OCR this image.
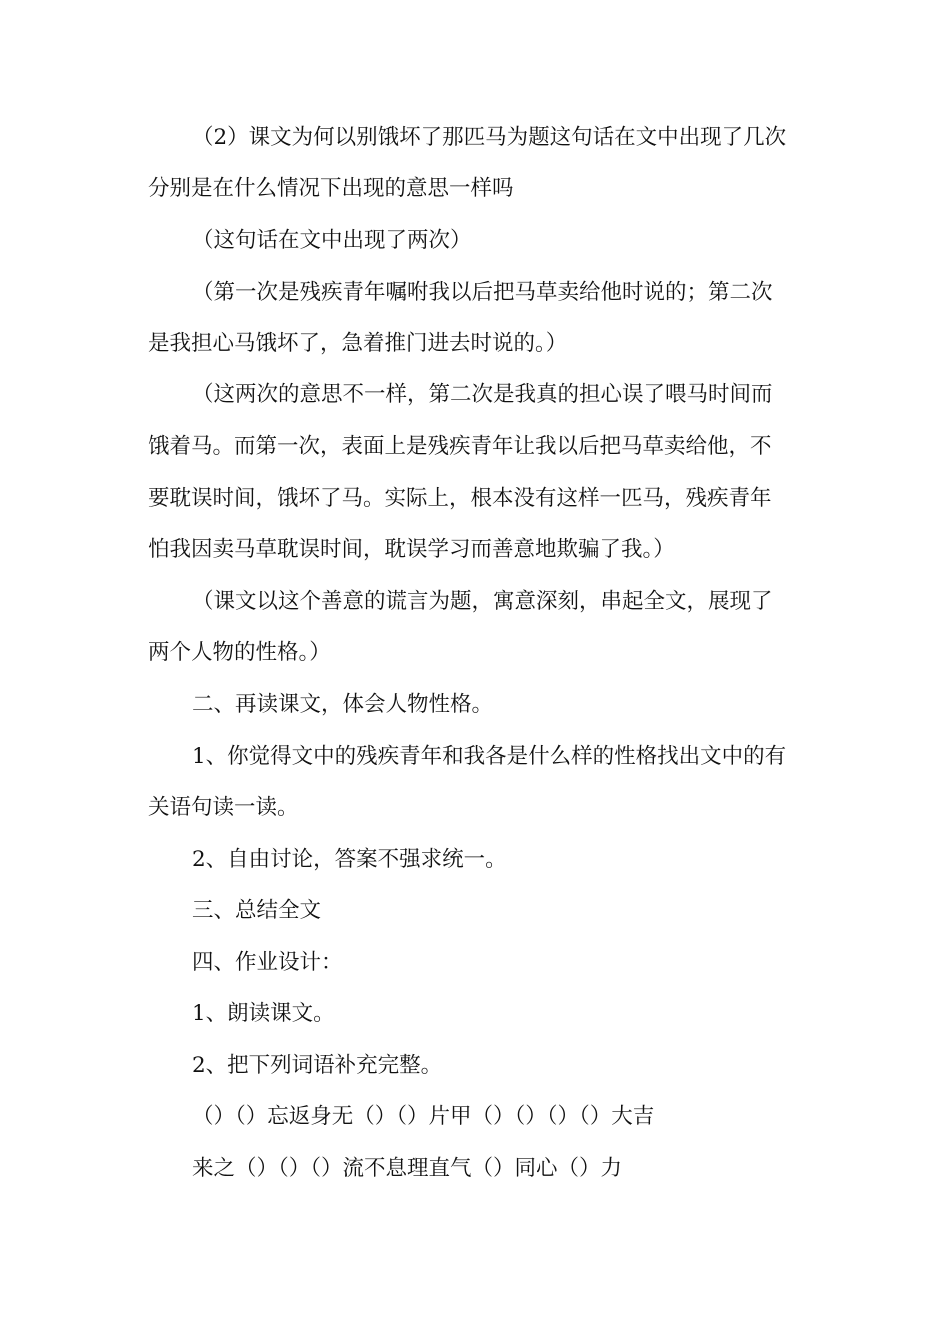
（2）课文为何以别饿坏了那匹马为题这句话在文中出现了几次
分别是在什么情况下出现的意思一样吗
（这句话在文中出现了两次）
（第一次是残疾青年嘱咐我以后把马草卖给他时说的；第二次
是我担心马饿坏了，急着推门进去时说的。）
（这两次的意思不一样，第二次是我真的担心误了喂马时间而
饿着马。而第一次，表面上是残疾青年让我以后把马草卖给他，不
要耽误时间，饿坏了马。实际上，根本没有这样一匹马，残疾青年
怕我因卖马草耽误时间，耽误学习而善意地欺骗了我。）
（课文以这个善意的谎言为题，寓意深刻，串起全文，展现了
两个人物的性格。）
二、再读课文，体会人物性格。
1、你觉得文中的残疾青年和我各是什么样的性格找出文中的有
关语句读一读。
2、自由讨论，答案不强求统一。
三、总结全文
四、作业设计：
1、朗读课文。
2、把下列词语补充完整。
（）（）忘返身无（）（）片甲（）（）（）（）大吉
来之（）（）（）流不息理直气（）同心（）力
